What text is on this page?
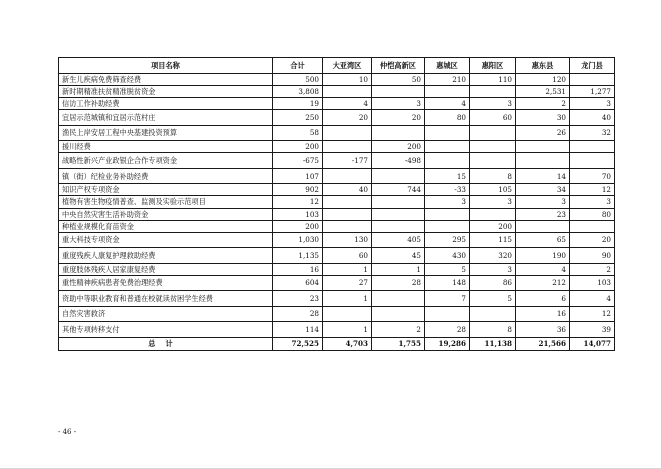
项目名称	合计	大亚湾区	仲恺高新区	惠城区	惠阳区	惠东县	龙门县
新生儿疾病免费筛查经费	500	10	50	210	110	120	
新时期精准扶贫精准脱贫资金	3,808					2,531	1,277
信访工作补助经费	19	4	3	4	3	2	3
宜居示范城镇和宜居示范村庄	250	20	20	80	60	30	40
渔民上岸安居工程中央基建投资预算	58					26	32
援川经费	200		200				
战略性新兴产业政银企合作专项资金	-675	-177	-498				
镇（街）纪检业务补助经费	107			15	8	14	70
知识产权专项资金	902	40	744	-33	105	34	12
植物有害生物疫情普查、监测及实验示范项目	12			3	3	3	3
中央自然灾害生活补助资金	103					23	80
种植业规模化育苗资金	200				200		
重大科技专项资金	1,030	130	405	295	115	65	20
重度残疾人康复护理救助经费	1,135	60	45	430	320	190	90
重度肢体残疾人居家康复经费	16	1	1	5	3	4	2
重性精神疾病患者免费治理经费	604	27	28	148	86	212	103
资助中等职业教育和普通在校就读贫困学生经费	23	1		7	5	6	4
自然灾害救济	28					16	12
其他专项转移支付	114	1	2	28	8	36	39
总计	72,525	4,703	1,755	19,286	11,138	21,566	14,077
- 46 -
